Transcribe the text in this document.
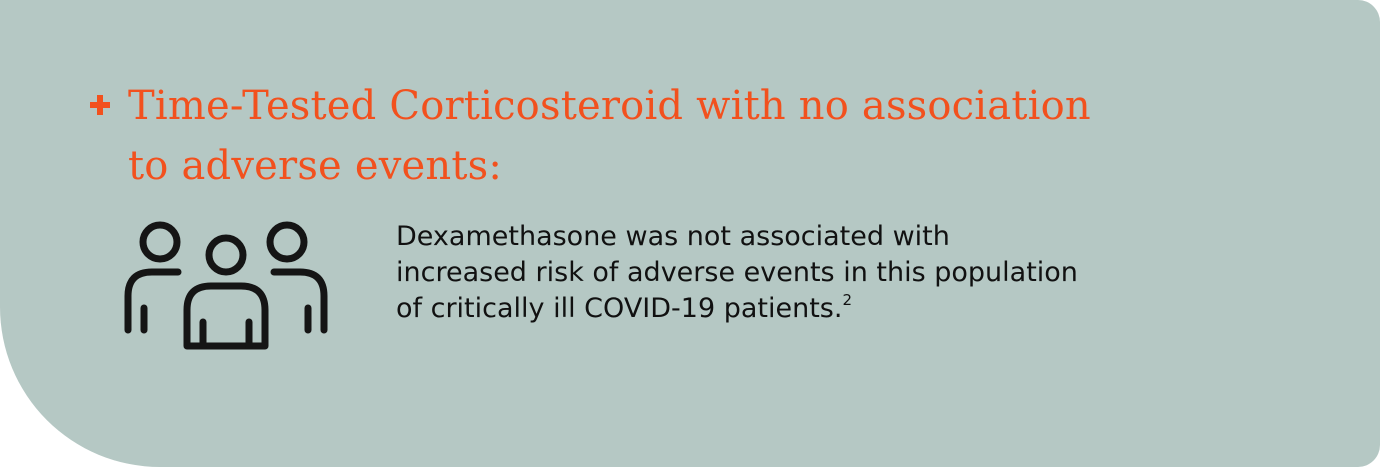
Time-Tested Corticosteroid with no association
to adverse events:
Dexamethasone was not associated with
increased risk of adverse events in this population
of critically ill COVID-19 patients.$^2$
